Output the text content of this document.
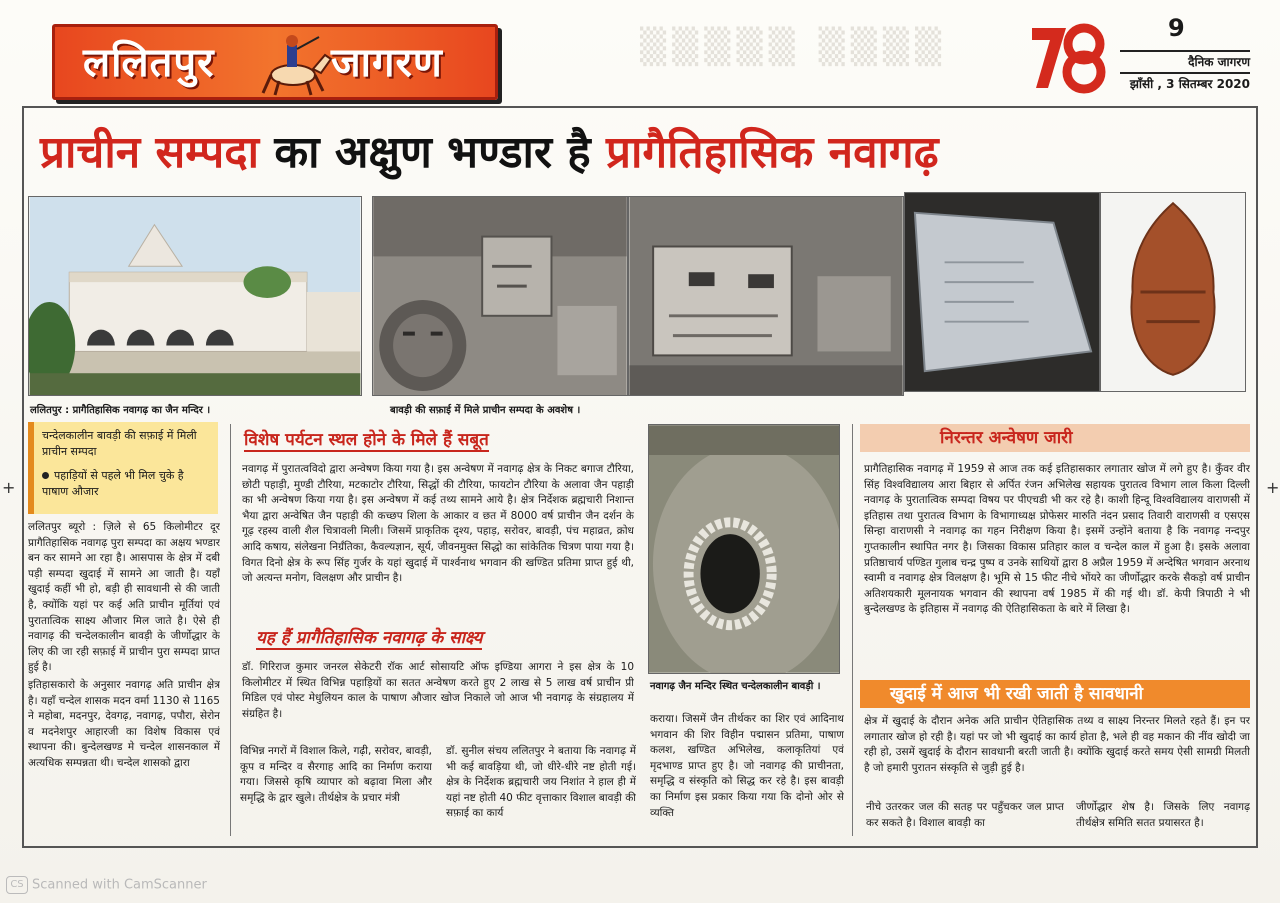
ललितपुर	जागरण	▒▒▒▒▒ ▒▒▒▒	9
दैनिक जागरण
झाँसी , 3 सितम्बर 2020
+	+
प्राचीन सम्पदा का अक्षुण भण्डार है प्रागैतिहासिक नवागढ़
ललितपुर : प्रागैतिहासिक नवागढ़ का जैन मन्दिर ।	बावड़ी की सफ़ाई में मिले प्राचीन सम्पदा के अवशेष ।

चन्देलकालीन बावड़ी की सफ़ाई में मिली प्राचीन सम्पदा

पहाड़ियों से पहले भी मिल चुके है पाषाण औजार

ललितपुर ब्यूरो : ज़िले से 65 किलोमीटर दूर प्रागैतिहासिक नवागढ़ पुरा सम्पदा का अक्षय भण्डार बन कर सामने आ रहा है। आसपास के क्षेत्र में दबी पड़ी सम्पदा खुदाई में सामने आ जाती है। यहाँ खुदाई कहीं भी हो, बड़ी ही सावधानी से की जाती है, क्योंकि यहां पर कई अति प्राचीन मूर्तियां एवं पुरातात्विक साक्ष्य औजार मिल जाते है। ऐसे ही नवागढ़ की चन्देलकालीन बावड़ी के जीर्णोद्धार के लिए की जा रही सफ़ाई में प्राचीन पुरा सम्पदा प्राप्त हुई है।

इतिहासकारो के अनुसार नवागढ़ अति प्राचीन क्षेत्र है। यहाँ चन्देल शासक मदन वर्मा 1130 से 1165 ने महोबा, मदनपुर, देवगढ़, नवागढ़, पपौरा, सेरोन व मदनेशपुर आहारजी का विशेष विकास एवं स्थापना की। बुन्देलखण्ड मे चन्देल शासनकाल में अत्यधिक सम्पन्नता थी। चन्देल शासको द्वारा

विशेष पर्यटन स्थल होने के मिले हैं सबूत
नवागढ़ में पुरातत्वविदो द्वारा अन्वेषण किया गया है। इस अन्वेषण में नवागढ़ क्षेत्र के निकट बगाज टौरिया, छोटी पहाड़ी, मुण्डी टौरिया, मटकाटोर टौरिया, सिद्धों की टौरिया, फायटोन टौरिया के अलावा जैन पहाड़ी का भी अन्वेषण किया गया है। इस अन्वेषण में कई तथ्य सामने आये है। क्षेत्र निर्देशक ब्रह्मचारी निशान्त भैया द्वारा अन्वेषित जैन पहाड़ी की कच्छप शिला के आकार व छत में 8000 वर्ष प्राचीन जैन दर्शन के गूढ़ रहस्य वाली शैल चित्रावली मिली। जिसमें प्राकृतिक दृश्य, पहाड़, सरोवर, बावड़ी, पंच महाव्रत, क्रोध आदि कषाय, संलेखना निर्ग्रंतिका, कैवल्यज्ञान, सूर्य, जीवनमुक्त सिद्धो का सांकेतिक चित्रण पाया गया है। विगत दिनो क्षेत्र के रूप सिंह गुर्जर के यहां खुदाई में पार्श्वनाथ भगवान की खण्डित प्रतिमा प्राप्त हुई थी, जो अत्यन्त मनोग, विलक्षण और प्राचीन है।
यह हैं प्रागैतिहासिक नवागढ़ के साक्ष्य
डॉ. गिरिराज कुमार जनरल सेकेटरी रॉक आर्ट सोसायटि ऑफ इण्डिया आगरा ने इस क्षेत्र के 10 किलोमीटर में स्थित विभिन्न पहाड़ियों का सतत अन्वेषण करते हुए 2 लाख से 5 लाख वर्ष प्राचीन प्री मिडिल एवं पोस्ट मेधुलियन काल के पाषाण औजार खोज निकाले जो आज भी नवागढ़ के संग्रहालय में संग्रहित है।
विभिन्न नगरों में विशाल किले, गढ़ी, सरोवर, बावड़ी, कूप व मन्दिर व सैरगाह आदि का निर्माण कराया गया। जिससे कृषि व्यापार को बढ़ावा मिला और समृद्धि के द्वार खुले। तीर्थक्षेत्र के प्रचार मंत्री
डॉ. सुनील संचय ललितपुर ने बताया कि नवागढ़ में भी कई बावड़िया थी, जो धीरे-धीरे नष्ट होती गई। क्षेत्र के निर्देशक ब्रह्मचारी जय निशांत ने हाल ही में यहां नष्ट होती 40 फीट वृत्ताकार विशाल बावड़ी की सफ़ाई का कार्य
नवागढ़ जैन मन्दिर स्थित चन्देलकालीन बावड़ी ।
कराया। जिसमें जैन तीर्थकर का शिर एवं आदिनाथ भगवान की शिर विहीन पद्मासन प्रतिमा, पाषाण कलश, खण्डित अभिलेख, कलाकृतियां एवं मृदभाण्ड प्राप्त हुए है। जो नवागढ़ की प्राचीनता, समृद्धि व संस्कृति को सिद्ध कर रहे है। इस बावड़ी का निर्माण इस प्रकार किया गया कि दोनो ओर से व्यक्ति
निरन्तर अन्वेषण जारी
प्रागैतिहासिक नवागढ़ में 1959 से आज तक कई इतिहासकार लगातार खोज में लगे हुए है। कुँवर वीर सिंह विश्वविद्यालय आरा बिहार से अर्पित रंजन अभिलेख सहायक पुरातत्व विभाग लाल किला दिल्ली नवागढ़ के पुरातात्विक सम्पदा विषय पर पीएचडी भी कर रहे है। काशी हिन्दू विश्वविद्यालय वाराणसी में इतिहास तथा पुरातत्व विभाग के विभागाध्यक्ष प्रोफेसर मारुति नंदन प्रसाद तिवारी वाराणसी व एसएस सिन्हा वाराणसी ने नवागढ़ का गहन निरीक्षण किया है। इसमें उन्होंने बताया है कि नवागढ़ नन्दपुर गुप्तकालीन स्थापित नगर है। जिसका विकास प्रतिहार काल व चन्देल काल में हुआ है। इसके अलावा प्रतिष्ठाचार्य पण्डित गुलाब चन्द्र पुष्प व उनके साथियों द्वारा 8 अप्रैल 1959 में अन्देषित भगवान अरनाथ स्वामी व नवागढ़ क्षेत्र विलक्षण है। भूमि से 15 फीट नीचे भोंयरे का जीर्णोद्धार करके सैकड़ो वर्ष प्राचीन अतिशयकारी मूलनायक भगवान की स्थापना वर्ष 1985 में की गई थी। डॉ. केपी त्रिपाठी ने भी बुन्देलखण्ड के इतिहास में नवागढ़ की ऐतिहासिकता के बारे में लिखा है।
खुदाई में आज भी रखी जाती है सावधानी
क्षेत्र में खुदाई के दौरान अनेक अति प्राचीन ऐतिहासिक तथ्य व साक्ष्य निरन्तर मिलते रहते हैं। इन पर लगातार खोज हो रही है। यहां पर जो भी खुदाई का कार्य होता है, भले ही वह मकान की नींव खोदी जा रही हो, उसमें खुदाई के दौरान सावधानी बरती जाती है। क्योंकि खुदाई करते समय ऐसी सामग्री मिलती है जो हमारी पुरातन संस्कृति से जुड़ी हुई है।
नीचे उतरकर जल की सतह पर पहुँचकर जल प्राप्त कर सकते है। विशाल बावड़ी का
जीर्णोद्धार शेष है। जिसके लिए नवागढ़ तीर्थक्षेत्र समिति सतत प्रयासरत है।
CS Scanned with CamScanner
